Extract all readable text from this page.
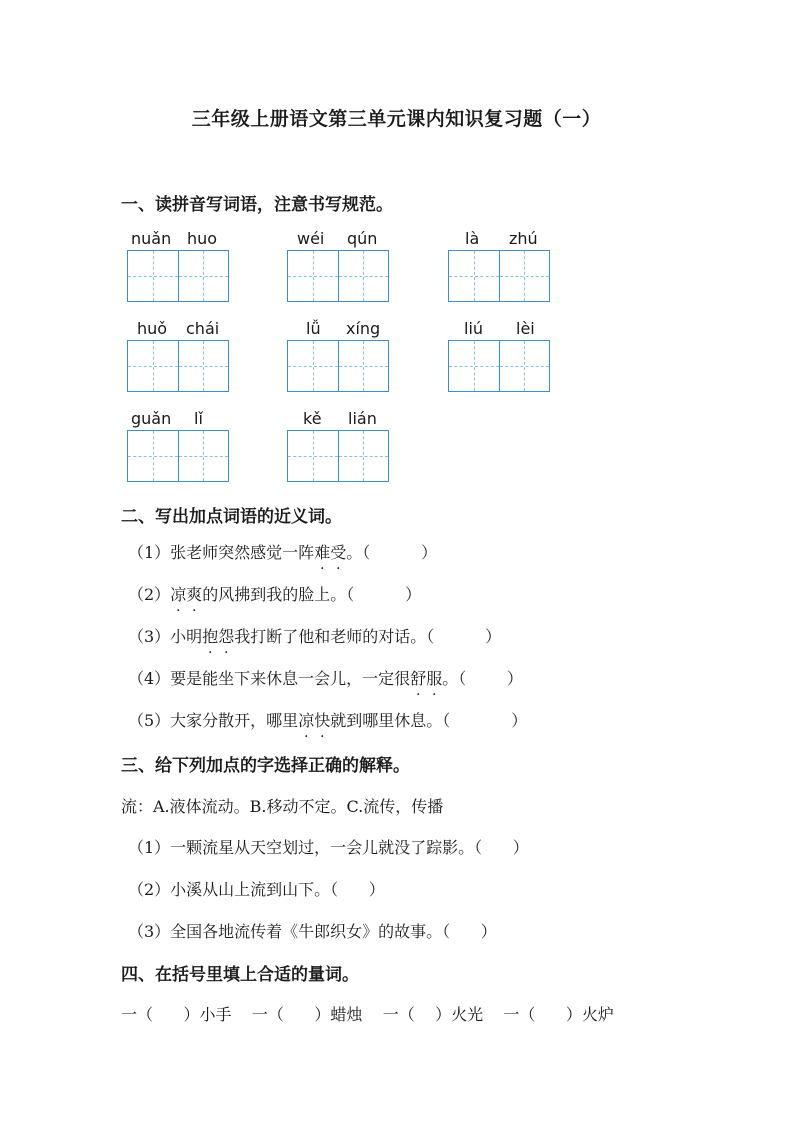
三年级上册语文第三单元课内知识复习题（一）
一、读拼音写词语，注意书写规范。
nuǎn huo	wéi qún	là zhú
huǒ chái	lǚ xíng	liú lèi
guǎn lǐ	kě lián
二、写出加点词语的近义词。
（1）张老师突然感觉一阵难受。（          ）
（2）凉爽的风拂到我的脸上。（          ）
（3）小明抱怨我打断了他和老师的对话。（          ）
（4）要是能坐下来休息一会儿，一定很舒服。（        ）
（5）大家分散开，哪里凉快就到哪里休息。（            ）
三、给下列加点的字选择正确的解释。
流：A.液体流动。B.移动不定。C.流传，传播
（1）一颗流星从天空划过，一会儿就没了踪影。（      ）
（2）小溪从山上流到山下。（      ）
（3）全国各地流传着《牛郎织女》的故事。（      ）
四、在括号里填上合适的量词。
一（      ）小手    一（      ）蜡烛    一（    ）火光    一（      ）火炉
